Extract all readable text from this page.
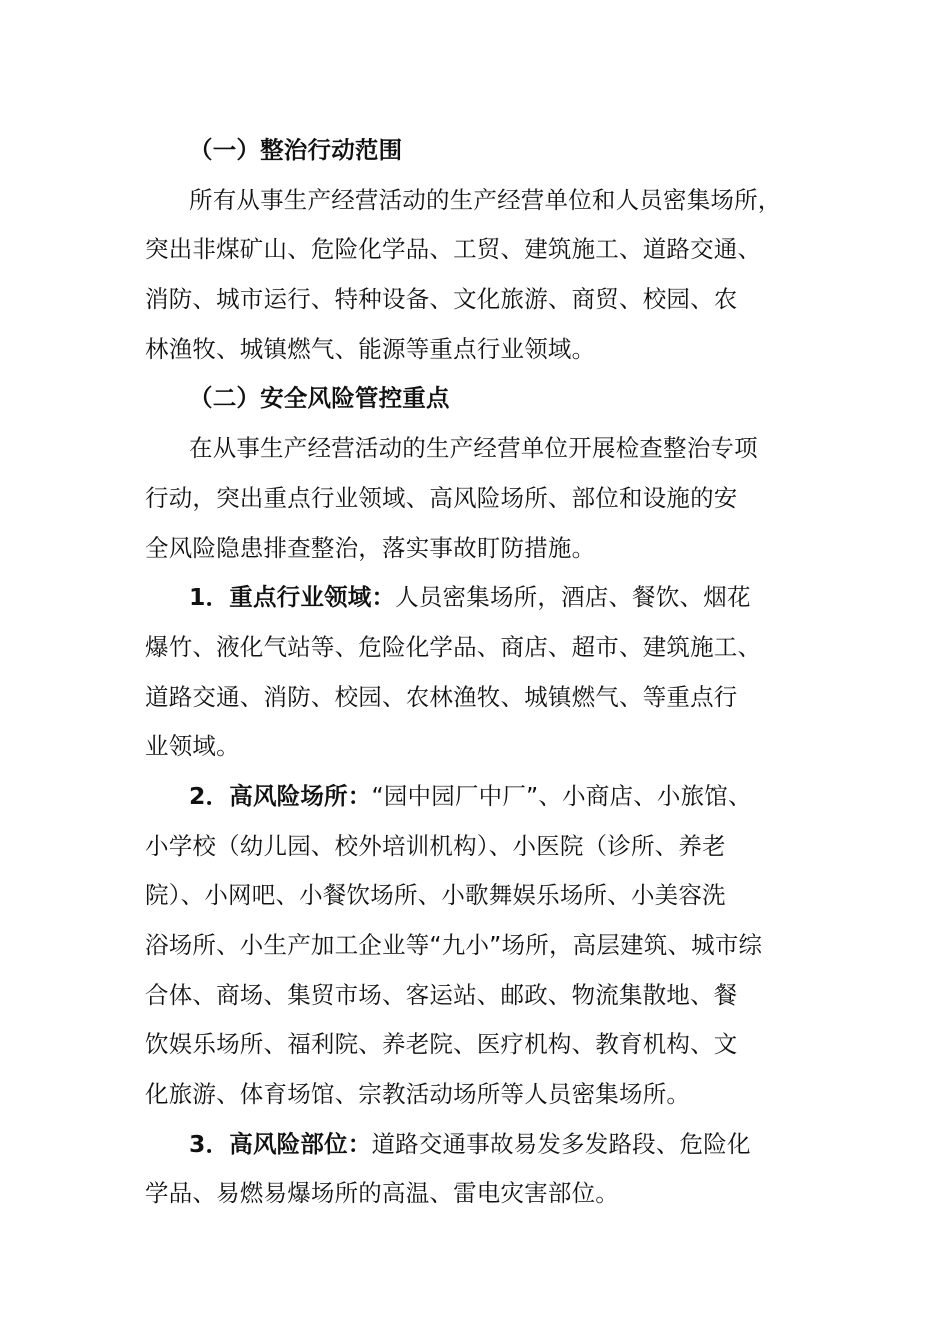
（一）整治行动范围
所有从事生产经营活动的生产经营单位和人员密集场所，
突出非煤矿山、危险化学品、工贸、建筑施工、道路交通、
消防、城市运行、特种设备、文化旅游、商贸、校园、农
林渔牧、城镇燃气、能源等重点行业领域。
（二）安全风险管控重点
在从事生产经营活动的生产经营单位开展检查整治专项
行动，突出重点行业领域、高风险场所、部位和设施的安
全风险隐患排查整治，落实事故盯防措施。
1．重点行业领域：人员密集场所，酒店、餐饮、烟花
爆竹、液化气站等、危险化学品、商店、超市、建筑施工、
道路交通、消防、校园、农林渔牧、城镇燃气、等重点行
业领域。
2．高风险场所：“园中园厂中厂”、小商店、小旅馆、
小学校（幼儿园、校外培训机构）、小医院（诊所、养老
院）、小网吧、小餐饮场所、小歌舞娱乐场所、小美容洗
浴场所、小生产加工企业等“九小”场所，高层建筑、城市综
合体、商场、集贸市场、客运站、邮政、物流集散地、餐
饮娱乐场所、福利院、养老院、医疗机构、教育机构、文
化旅游、体育场馆、宗教活动场所等人员密集场所。
3．高风险部位：道路交通事故易发多发路段、危险化
学品、易燃易爆场所的高温、雷电灾害部位。
